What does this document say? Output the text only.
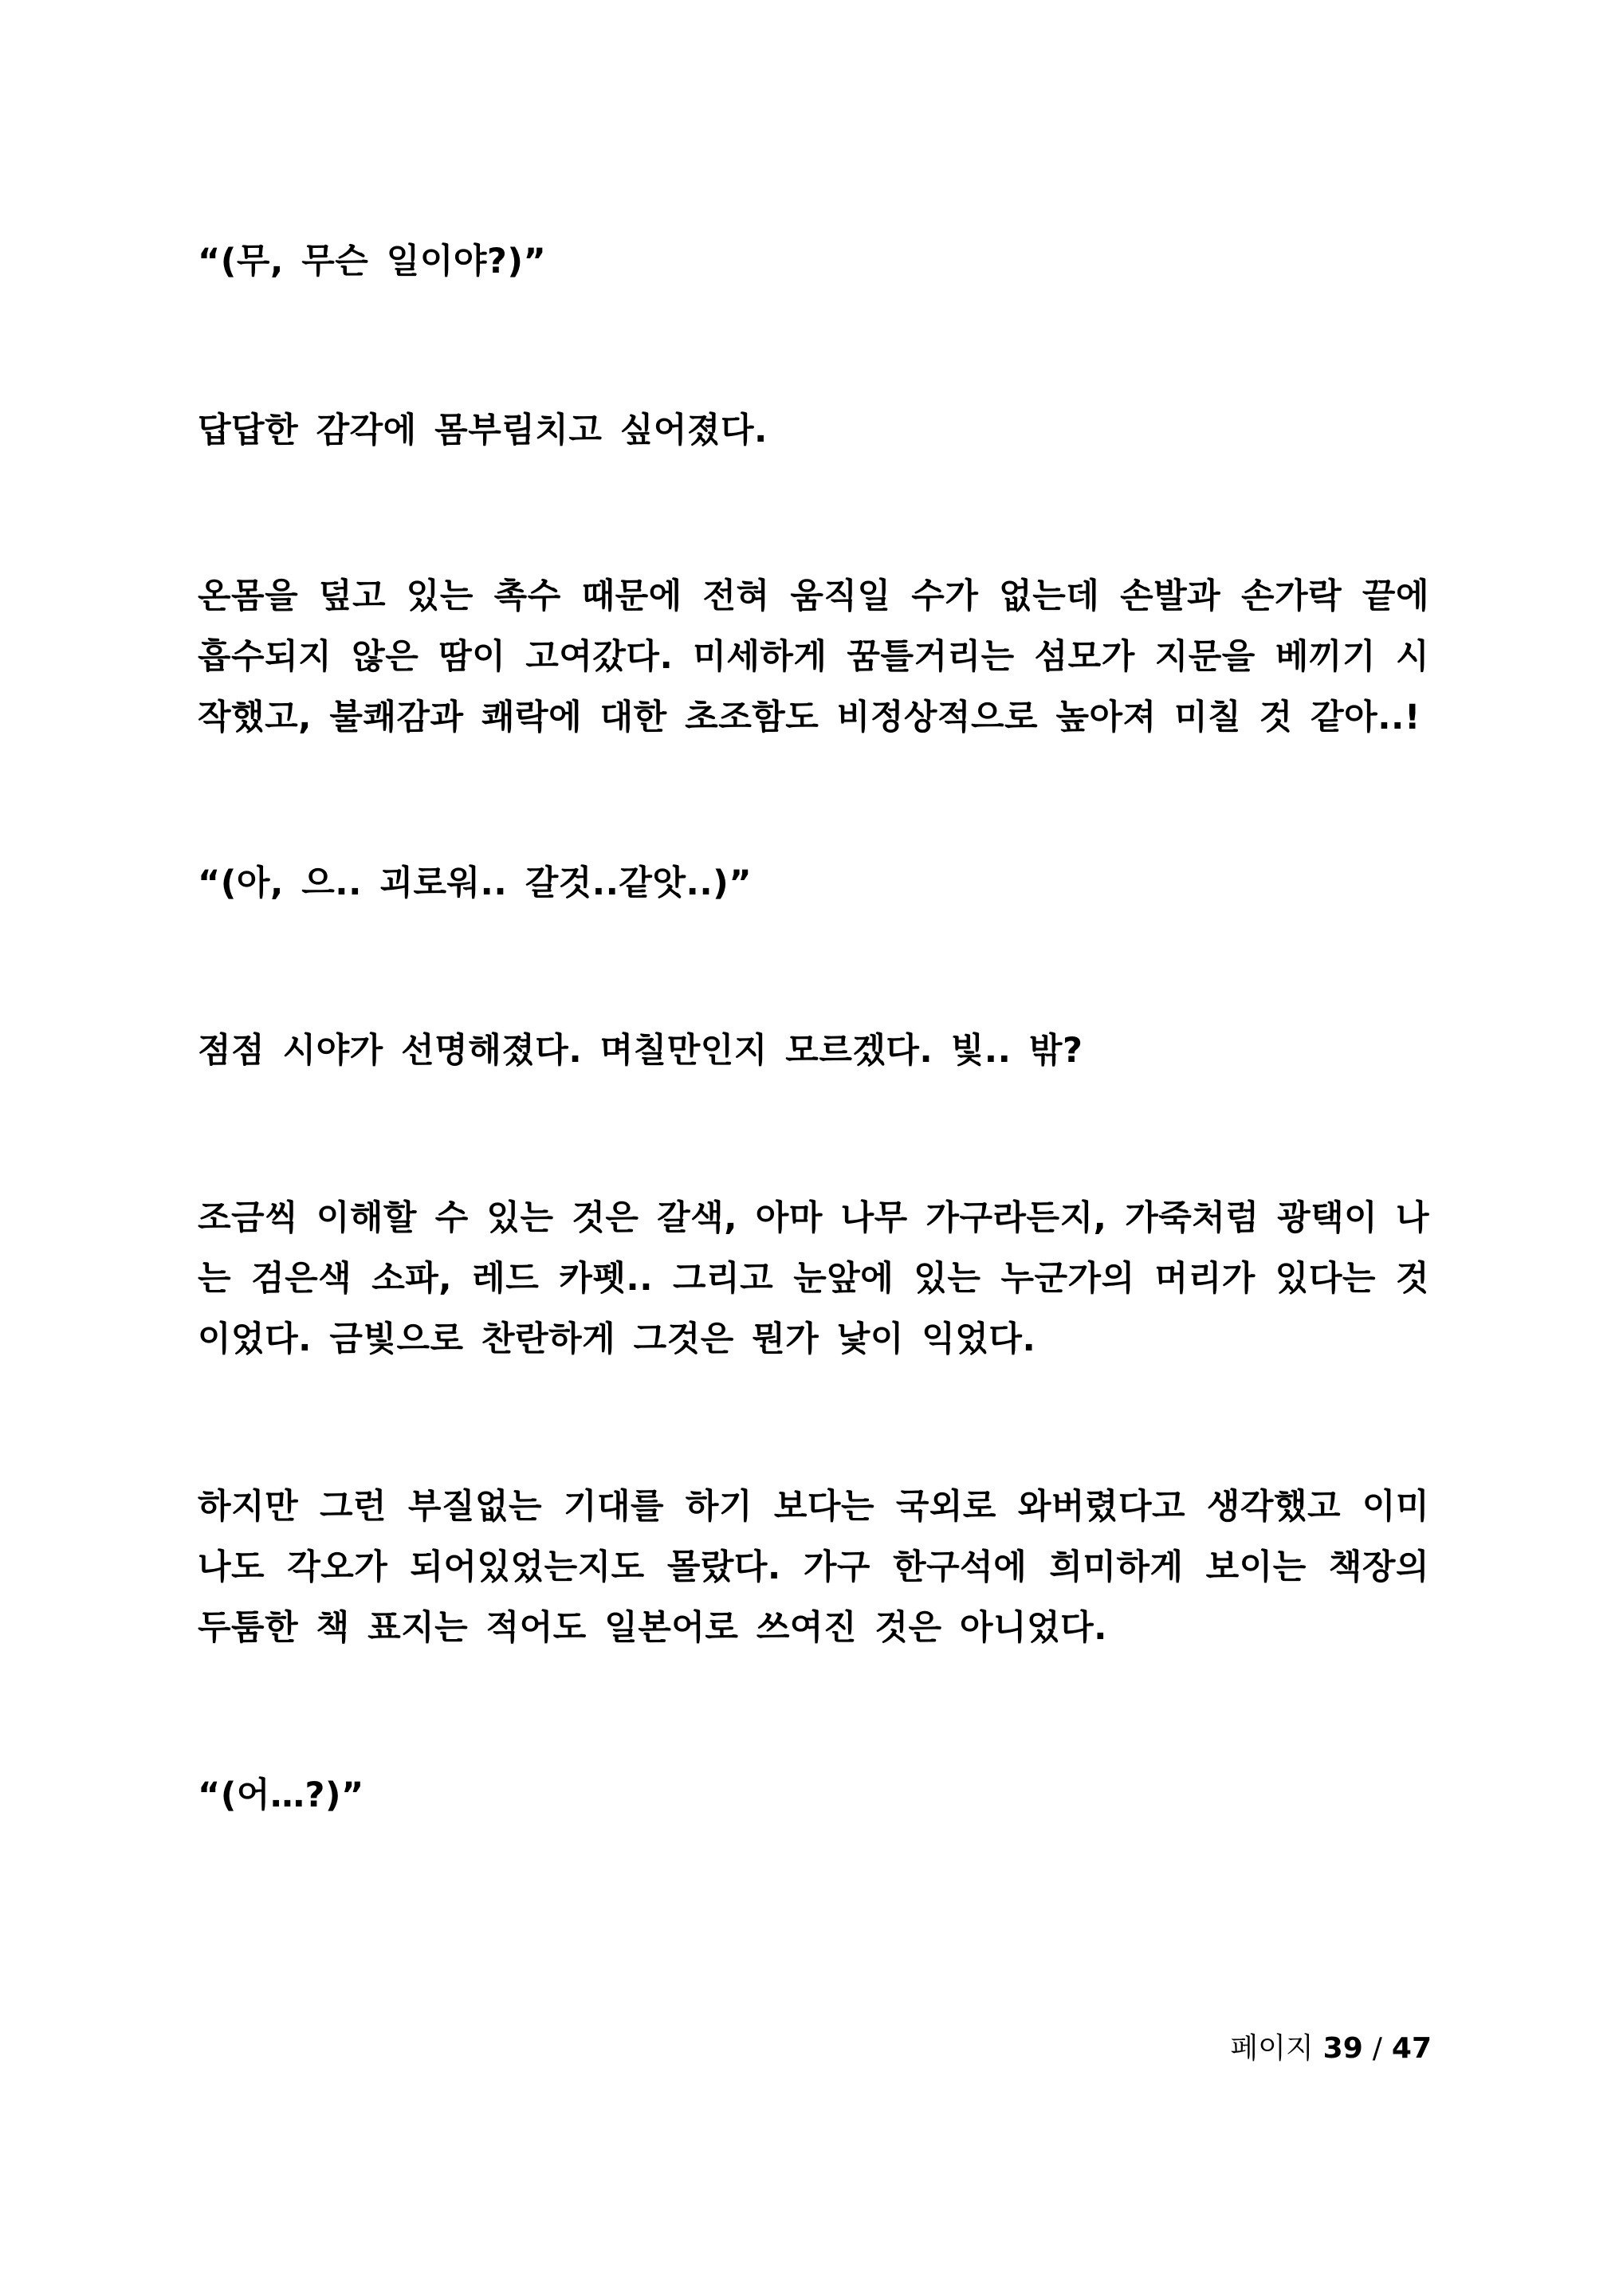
“(무, 무슨 일이야?)”

답답한 감각에 몸부림치고 싶어졌다.

온몸을 덮고 있는 촉수 때문에 전혀 움직일 수가 없는데 손발과 손가락 끝에 흡수되지 않은 땀이 고여갔다. 미세하게 꿈틀거리는 섬모가 지문을 베끼기 시작했고, 불쾌감과 쾌락에 대한 초조함도 비정상적으로 높아져 미칠 것 같아..!

“(아, 으.. 괴로워.. 갈것..같앗..)”

점점 시야가 선명해졌다. 며칠만인지 모르겠다. 빛.. 밖?

조금씩 이해할 수 있는 것은 갈색, 아마 나무 가구라든지, 가죽처럼 광택이 나는 검은색 소파, 레드 카펫.. 그리고 눈앞에 있는 누군가의 머리가 있다는 것이었다. 금빛으로 찬란하게 그것은 뭔가 낯이 익었다.

하지만 그런 부질없는 기대를 하기 보다는 국외로 와버렸다고 생각했고 이미 나도 각오가 되어있었는지도 몰랐다. 가구 한구석에 희미하게 보이는 책장의 두툼한 책 표지는 적어도 일본어로 쓰여진 것은 아니었다.

“(어…?)”

페이지 39 / 47
